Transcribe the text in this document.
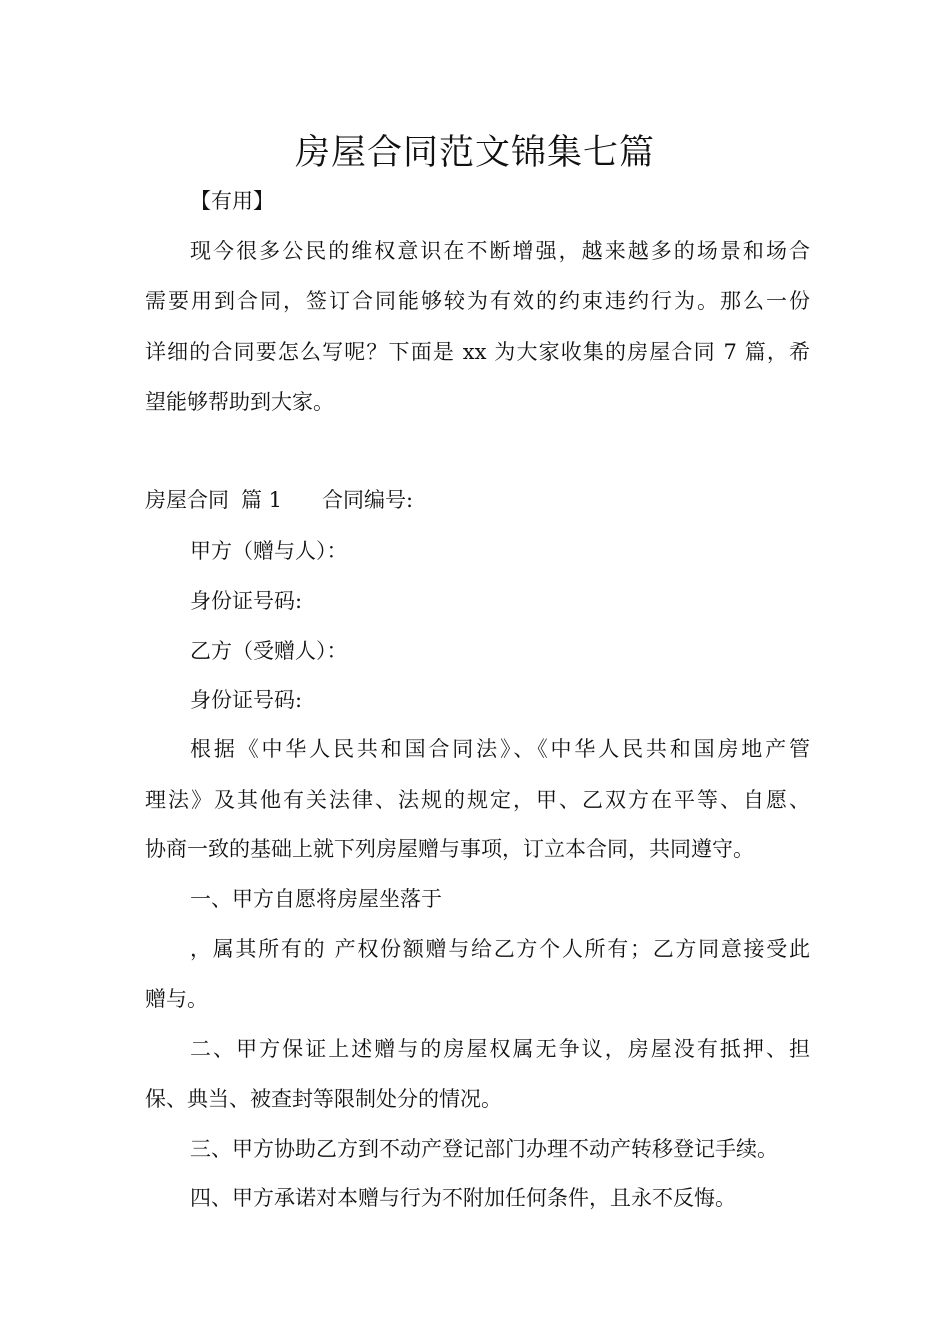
房屋合同范文锦集七篇
【有用】
现今很多公民的维权意识在不断增强，越来越多的场景和场合
需要用到合同，签订合同能够较为有效的约束违约行为。那么一份
详细的合同要怎么写呢？下面是 xx 为大家收集的房屋合同 7 篇，希
望能够帮助到大家。
房屋合同 篇 1 合同编号:
甲方（赠与人）：
身份证号码:
乙方（受赠人）：
身份证号码:
根据《中华人民共和国合同法》、《中华人民共和国房地产管
理法》及其他有关法律、法规的规定，甲、乙双方在平等、自愿、
协商一致的基础上就下列房屋赠与事项，订立本合同，共同遵守。
一、甲方自愿将房屋坐落于
，属其所有的 产权份额赠与给乙方个人所有；乙方同意接受此
赠与。
二、甲方保证上述赠与的房屋权属无争议，房屋没有抵押、担
保、典当、被查封等限制处分的情况。
三、甲方协助乙方到不动产登记部门办理不动产转移登记手续。
四、甲方承诺对本赠与行为不附加任何条件，且永不反悔。
